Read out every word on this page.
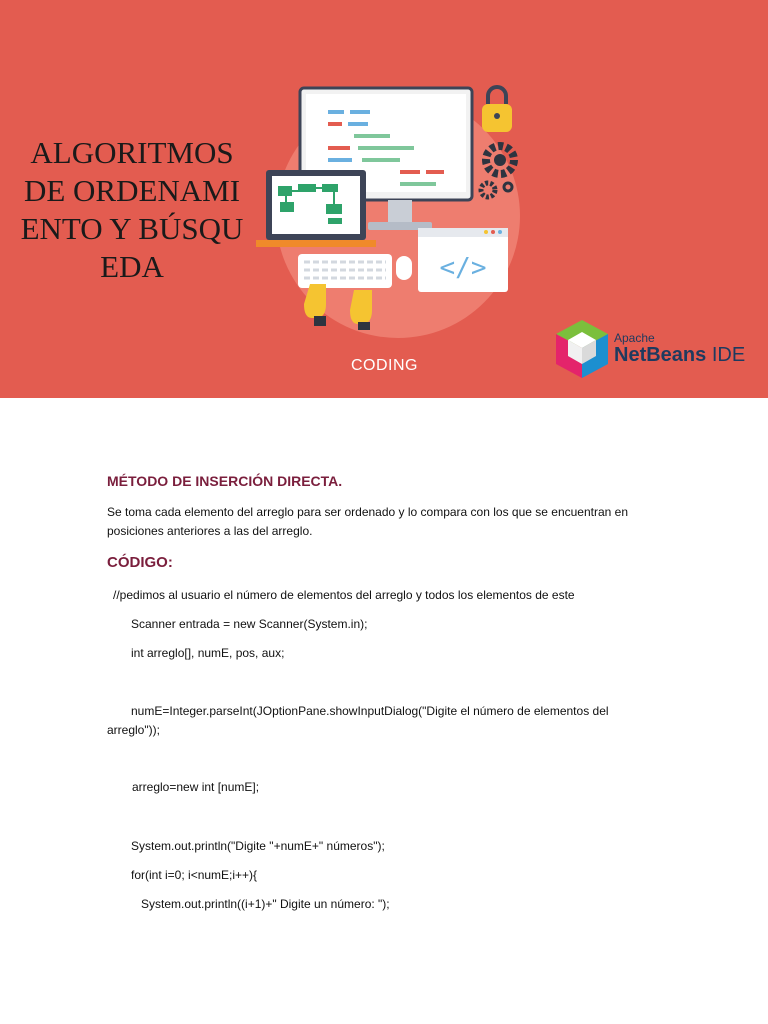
ALGORITMOS DE ORDENAMIENTO Y BÚSQUEDA	</>
CODING
Apache
NetBeans IDE
MÉTODO DE INSERCIÓN DIRECTA.
Se toma cada elemento del arreglo para ser ordenado y lo compara con los que se encuentran en posiciones anteriores a las del arreglo.
CÓDIGO:
//pedimos al usuario el número de elementos del arreglo y todos los elementos de este
Scanner entrada = new Scanner(System.in);
int arreglo[], numE, pos, aux;
numE=Integer.parseInt(JOptionPane.showInputDialog("Digite el número de elementos del
arreglo"));
arreglo=new int [numE];
System.out.println("Digite "+numE+" números");
for(int i=0; i<numE;i++){
System.out.println((i+1)+" Digite un número: ");
